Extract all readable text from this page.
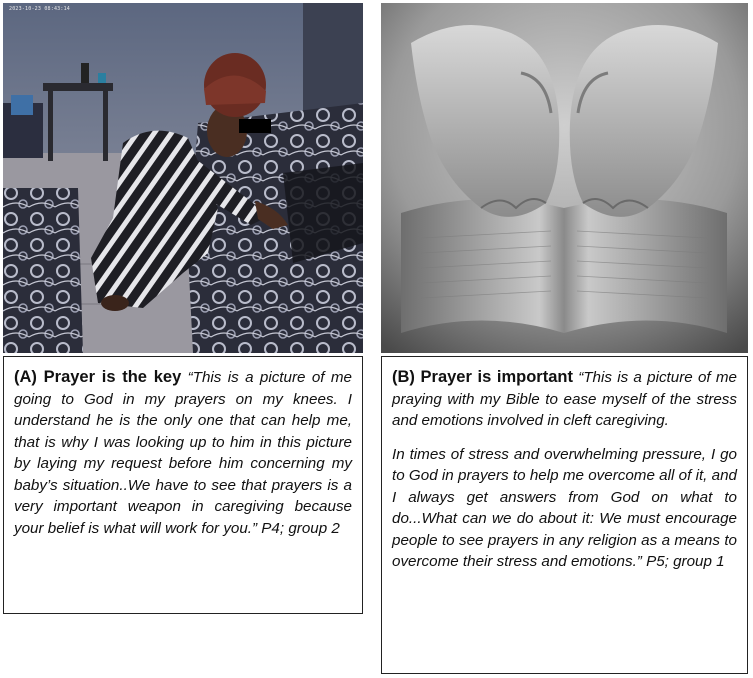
2023-10-23 08:43:14

(A) Prayer is the key “This is a picture of me going to God in my prayers on my knees. I understand he is the only one that can help me, that is why I was looking up to him in this picture by laying my request before him concerning my baby’s situation..We have to see that prayers is a very important weapon in caregiving because your belief is what will work for you.” P4; group 2

(B) Prayer is important “This is a picture of me praying with my Bible to ease myself of the stress and emotions involved in cleft caregiving.

In times of stress and overwhelming pressure, I go to God in prayers to help me overcome all of it, and I always get answers from God on what to do...What can we do about it: We must encourage people to see prayers in any religion as a means to overcome their stress and emotions.” P5; group 1
